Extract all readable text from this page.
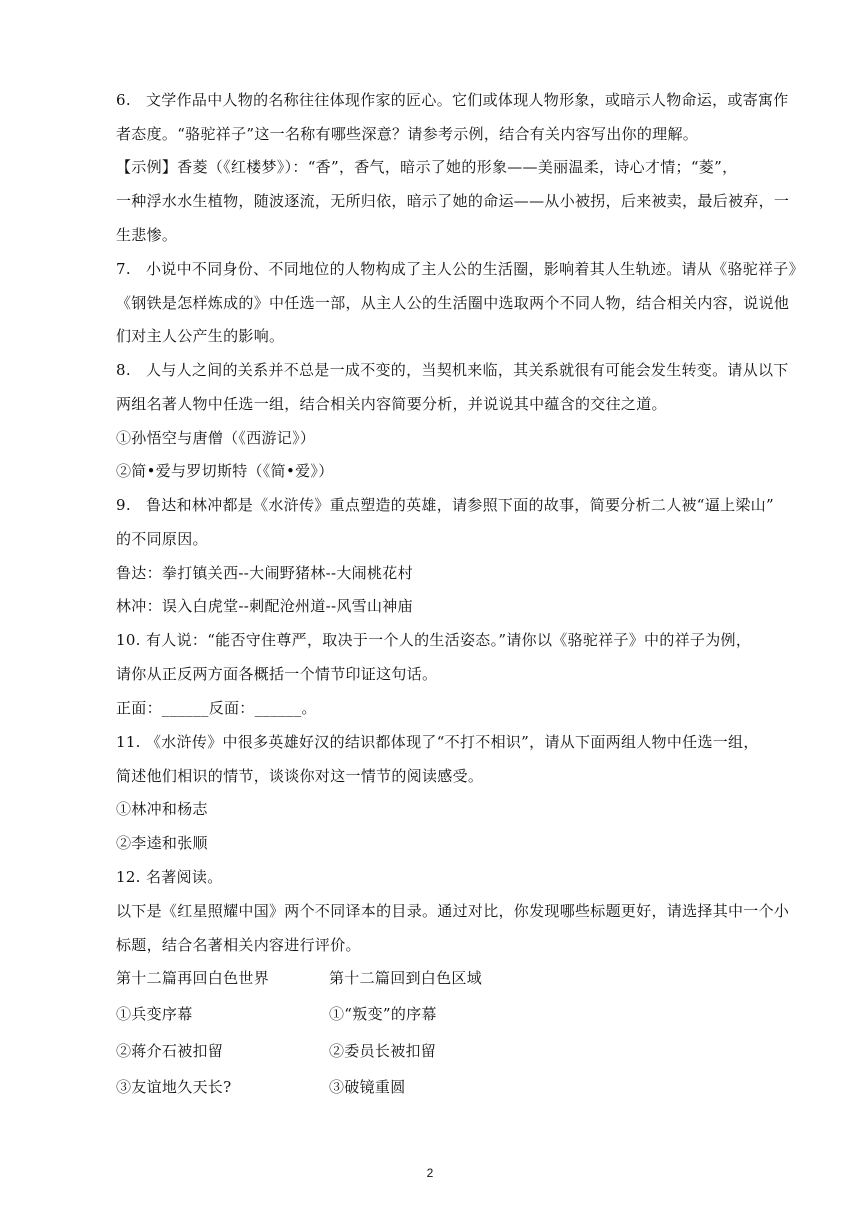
6. 文学作品中人物的名称往往体现作家的匠心。它们或体现人物形象，或暗示人物命运，或寄寓作
者态度。“骆驼祥子”这一名称有哪些深意？请参考示例，结合有关内容写出你的理解。
【示例】香菱（《红楼梦》）：“香”，香气，暗示了她的形象——美丽温柔，诗心才情；“菱”，
一种浮水水生植物，随波逐流，无所归依，暗示了她的命运——从小被拐，后来被卖，最后被弃，一
生悲惨。
7. 小说中不同身份、不同地位的人物构成了主人公的生活圈，影响着其人生轨迹。请从《骆驼祥子》
《钢铁是怎样炼成的》中任选一部，从主人公的生活圈中选取两个不同人物，结合相关内容，说说他
们对主人公产生的影响。
8. 人与人之间的关系并不总是一成不变的，当契机来临，其关系就很有可能会发生转变。请从以下
两组名著人物中任选一组，结合相关内容简要分析，并说说其中蕴含的交往之道。
①孙悟空与唐僧（《西游记》）
②简•爱与罗切斯特（《简•爱》）
9. 鲁达和林冲都是《水浒传》重点塑造的英雄，请参照下面的故事，简要分析二人被“逼上梁山”
的不同原因。
鲁达：拳打镇关西--大闹野猪林--大闹桃花村
林冲：误入白虎堂--刺配沧州道--风雪山神庙
10. 有人说：“能否守住尊严，取决于一个人的生活姿态。”请你以《骆驼祥子》中的祥子为例，
请你从正反两方面各概括一个情节印证这句话。
正面：______反面：______。
11. 《水浒传》中很多英雄好汉的结识都体现了“不打不相识”，请从下面两组人物中任选一组，
简述他们相识的情节，谈谈你对这一情节的阅读感受。
①林冲和杨志
②李逵和张顺
12. 名著阅读。
以下是《红星照耀中国》两个不同译本的目录。通过对比，你发现哪些标题更好，请选择其中一个小
标题，结合名著相关内容进行评价。
第十二篇再回白色世界	第十二篇回到白色区域
①兵变序幕	①“叛变”的序幕
②蒋介石被扣留	②委员长被扣留
③友谊地久天长?	③破镜重圆
2
